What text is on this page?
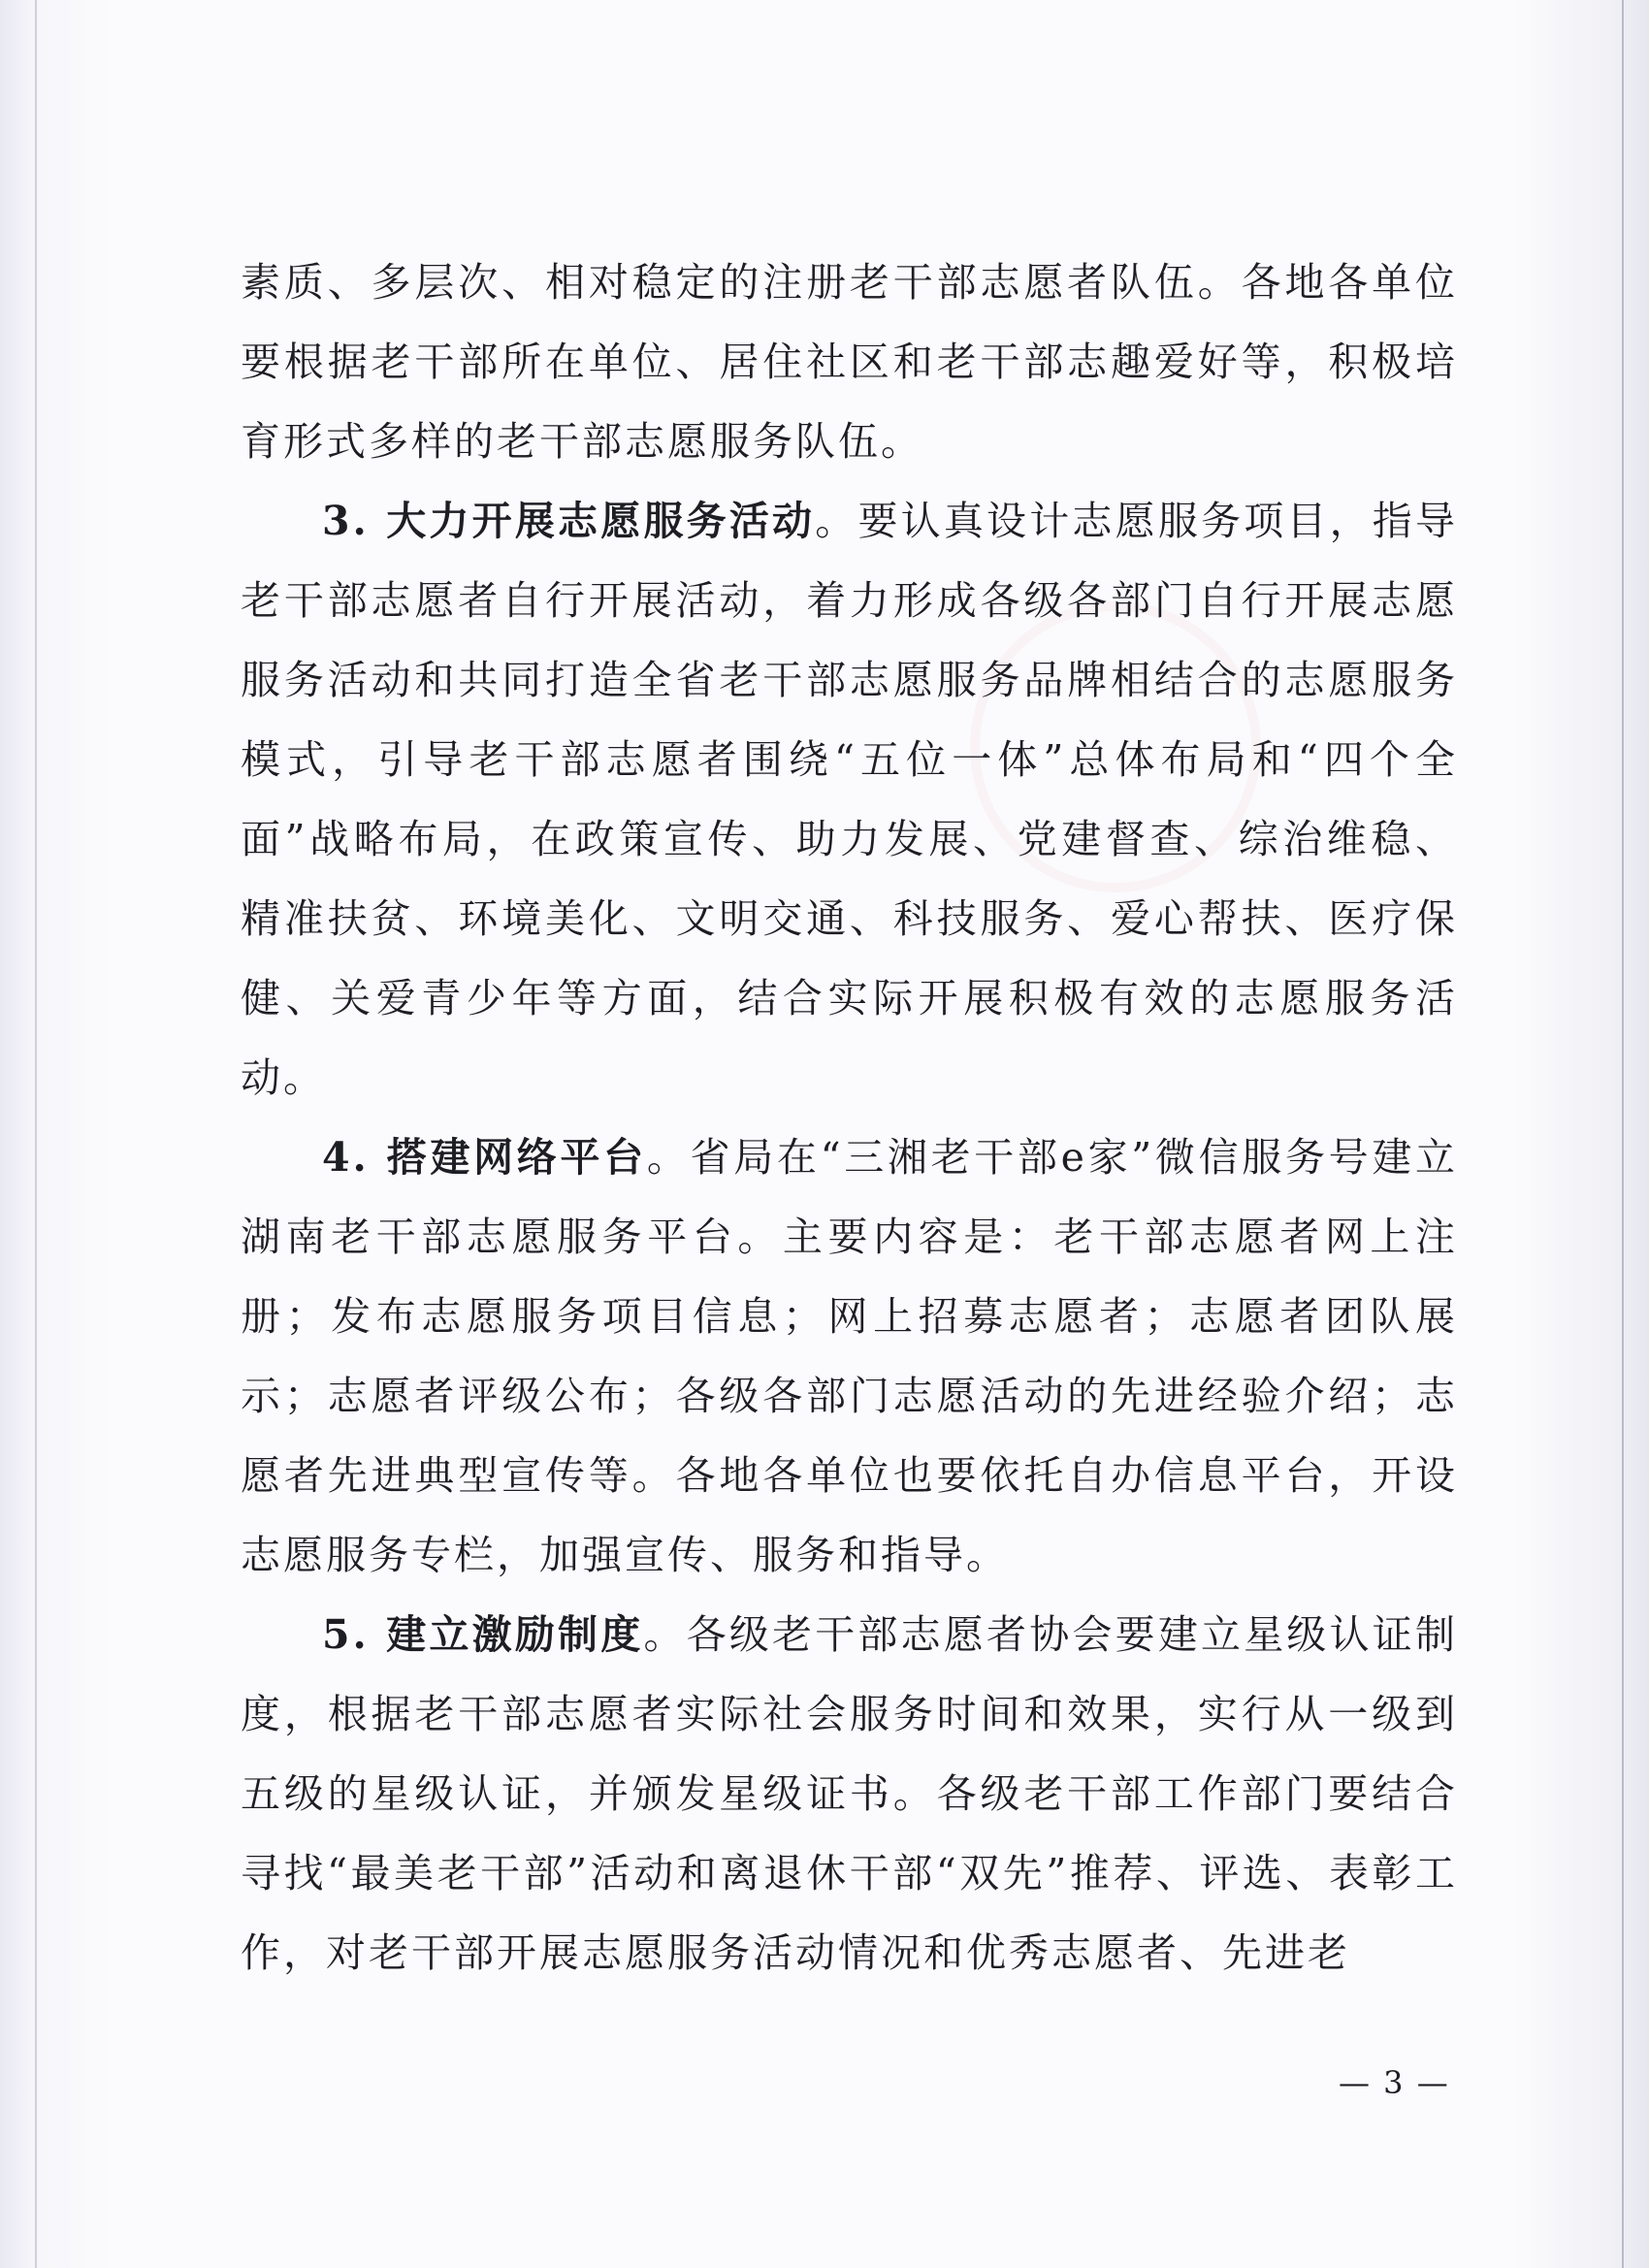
素质、多层次、相对稳定的注册老干部志愿者队伍。各地各单位要根据老干部所在单位、居住社区和老干部志趣爱好等，积极培育形式多样的老干部志愿服务队伍。

3. 大力开展志愿服务活动。要认真设计志愿服务项目，指导老干部志愿者自行开展活动，着力形成各级各部门自行开展志愿服务活动和共同打造全省老干部志愿服务品牌相结合的志愿服务模式，引导老干部志愿者围绕“五位一体”总体布局和“四个全面”战略布局，在政策宣传、助力发展、党建督查、综治维稳、精准扶贫、环境美化、文明交通、科技服务、爱心帮扶、医疗保健、关爱青少年等方面，结合实际开展积极有效的志愿服务活动。

4. 搭建网络平台。省局在“三湘老干部e家”微信服务号建立湖南老干部志愿服务平台。主要内容是：老干部志愿者网上注册；发布志愿服务项目信息；网上招募志愿者；志愿者团队展示；志愿者评级公布；各级各部门志愿活动的先进经验介绍；志愿者先进典型宣传等。各地各单位也要依托自办信息平台，开设志愿服务专栏，加强宣传、服务和指导。

5. 建立激励制度。各级老干部志愿者协会要建立星级认证制度，根据老干部志愿者实际社会服务时间和效果，实行从一级到五级的星级认证，并颁发星级证书。各级老干部工作部门要结合寻找“最美老干部”活动和离退休干部“双先”推荐、评选、表彰工作，对老干部开展志愿服务活动情况和优秀志愿者、先进老

— 3 —
